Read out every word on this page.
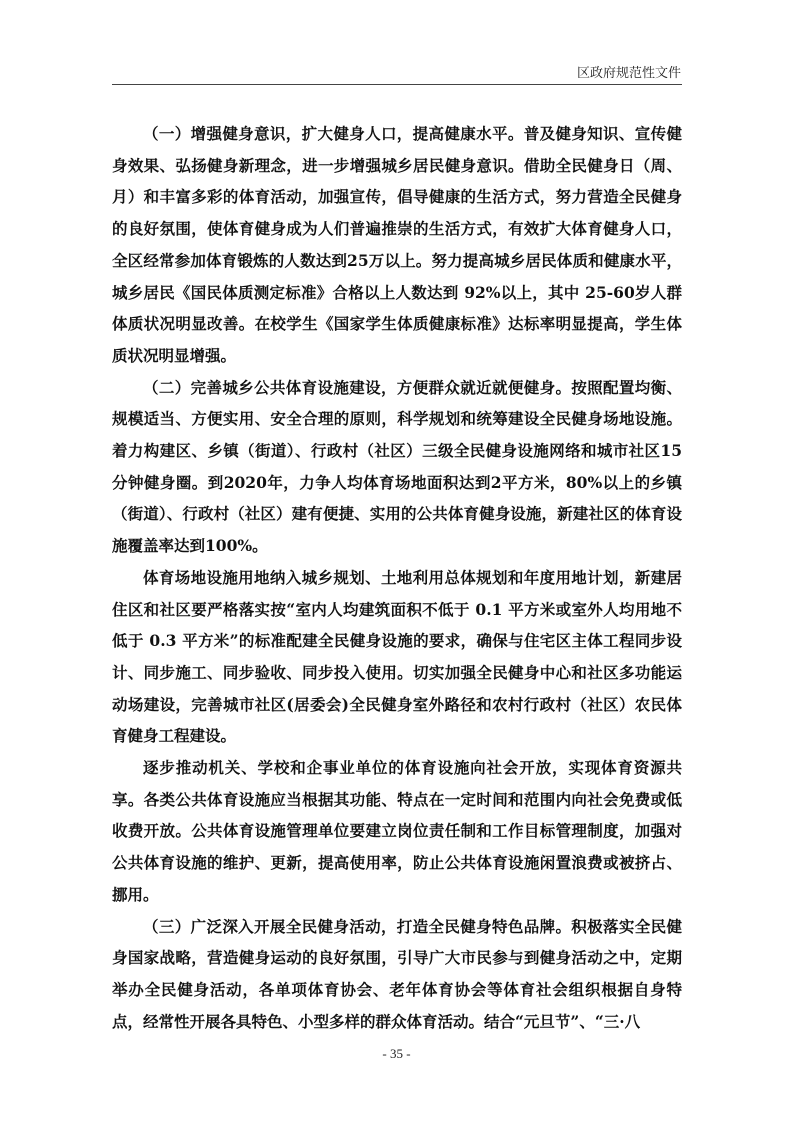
区政府规范性文件

（一）增强健身意识，扩大健身人口，提高健康水平。普及健身知识、宣传健身效果、弘扬健身新理念，进一步增强城乡居民健身意识。借助全民健身日（周、月）和丰富多彩的体育活动，加强宣传，倡导健康的生活方式，努力营造全民健身的良好氛围，使体育健身成为人们普遍推崇的生活方式，有效扩大体育健身人口，全区经常参加体育锻炼的人数达到25万以上。努力提高城乡居民体质和健康水平，城乡居民《国民体质测定标准》合格以上人数达到 92%以上，其中 25-60岁人群体质状况明显改善。在校学生《国家学生体质健康标准》达标率明显提高，学生体质状况明显增强。

（二）完善城乡公共体育设施建设，方便群众就近就便健身。按照配置均衡、规模适当、方便实用、安全合理的原则，科学规划和统筹建设全民健身场地设施。着力构建区、乡镇（街道）、行政村（社区）三级全民健身设施网络和城市社区15分钟健身圈。到2020年，力争人均体育场地面积达到2平方米，80%以上的乡镇（街道）、行政村（社区）建有便捷、实用的公共体育健身设施，新建社区的体育设施覆盖率达到100%。

体育场地设施用地纳入城乡规划、土地利用总体规划和年度用地计划，新建居住区和社区要严格落实按“室内人均建筑面积不低于 0.1 平方米或室外人均用地不低于 0.3 平方米”的标准配建全民健身设施的要求，确保与住宅区主体工程同步设计、同步施工、同步验收、同步投入使用。切实加强全民健身中心和社区多功能运动场建设，完善城市社区(居委会)全民健身室外路径和农村行政村（社区）农民体育健身工程建设。

逐步推动机关、学校和企事业单位的体育设施向社会开放，实现体育资源共享。各类公共体育设施应当根据其功能、特点在一定时间和范围内向社会免费或低收费开放。公共体育设施管理单位要建立岗位责任制和工作目标管理制度，加强对公共体育设施的维护、更新，提高使用率，防止公共体育设施闲置浪费或被挤占、挪用。

（三）广泛深入开展全民健身活动，打造全民健身特色品牌。积极落实全民健身国家战略，营造健身运动的良好氛围，引导广大市民参与到健身活动之中，定期举办全民健身活动，各单项体育协会、老年体育协会等体育社会组织根据自身特点，经常性开展各具特色、小型多样的群众体育活动。结合“元旦节”、“三·八

- 35 -
